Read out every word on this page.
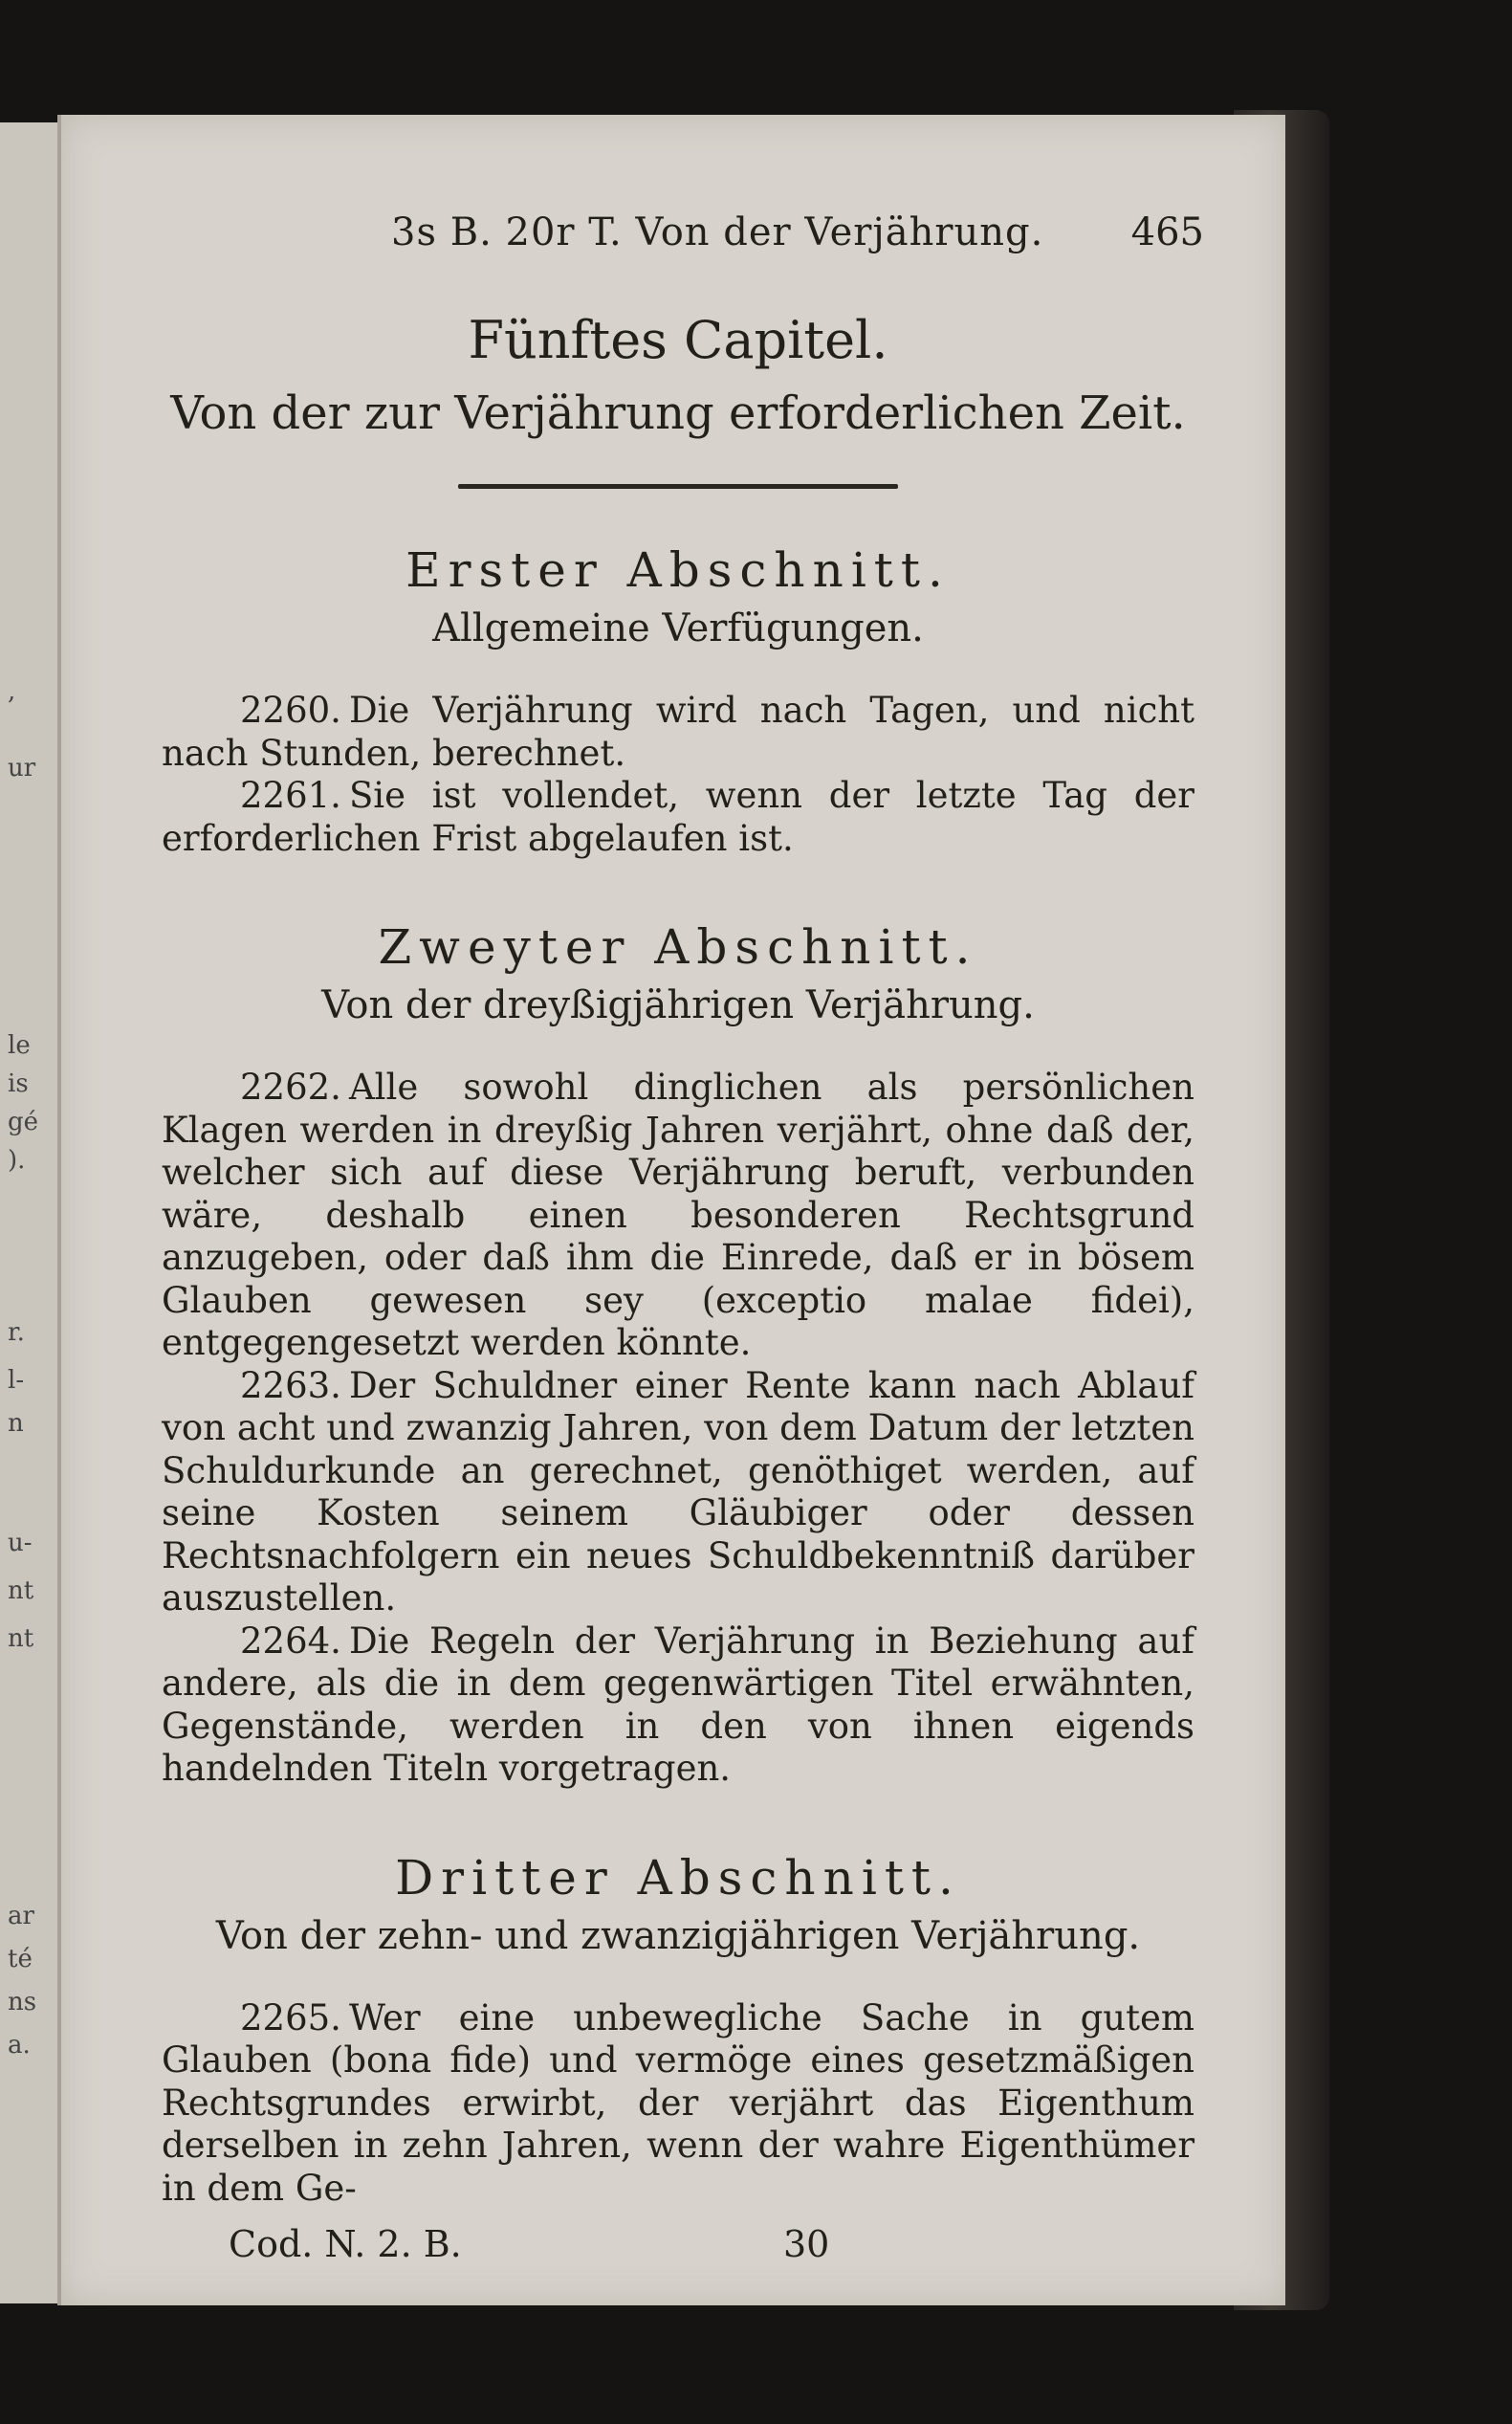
,
ur
le
is
gé
).
r.
l-
n
u-
nt
nt
ar
té
ns
a.
3s B. 20r T. Von der Verjährung. 465
Fünftes Capitel.
Von der zur Verjährung erforderlichen Zeit.
Erster Abschnitt.
Allgemeine Verfügungen.

2260. Die Verjährung wird nach Tagen, und nicht nach Stunden, berechnet.

2261. Sie ist vollendet, wenn der letzte Tag der erforderlichen Frist abgelaufen ist.

Zweyter Abschnitt.
Von der dreyßigjährigen Verjährung.

2262. Alle sowohl dinglichen als persönlichen Klagen werden in dreyßig Jahren verjährt, ohne daß der, welcher sich auf diese Verjährung beruft, verbunden wäre, deshalb einen besonderen Rechtsgrund anzugeben, oder daß ihm die Einrede, daß er in bösem Glauben gewesen sey (exceptio malae fidei), entgegengesetzt werden könnte.

2263. Der Schuldner einer Rente kann nach Ablauf von acht und zwanzig Jahren, von dem Datum der letzten Schuldurkunde an gerechnet, genöthiget werden, auf seine Kosten seinem Gläubiger oder dessen Rechtsnachfolgern ein neues Schuldbekenntniß darüber auszustellen.

2264. Die Regeln der Verjährung in Beziehung auf andere, als die in dem gegenwärtigen Titel erwähnten, Gegenstände, werden in den von ihnen eigends handelnden Titeln vorgetragen.

Dritter Abschnitt.
Von der zehn- und zwanzigjährigen Verjährung.

2265. Wer eine unbewegliche Sache in gutem Glauben (bona fide) und vermöge eines gesetzmäßigen Rechtsgrundes erwirbt, der verjährt das Eigenthum derselben in zehn Jahren, wenn der wahre Eigenthümer in dem Ge-

Cod. N. 2. B.	30
